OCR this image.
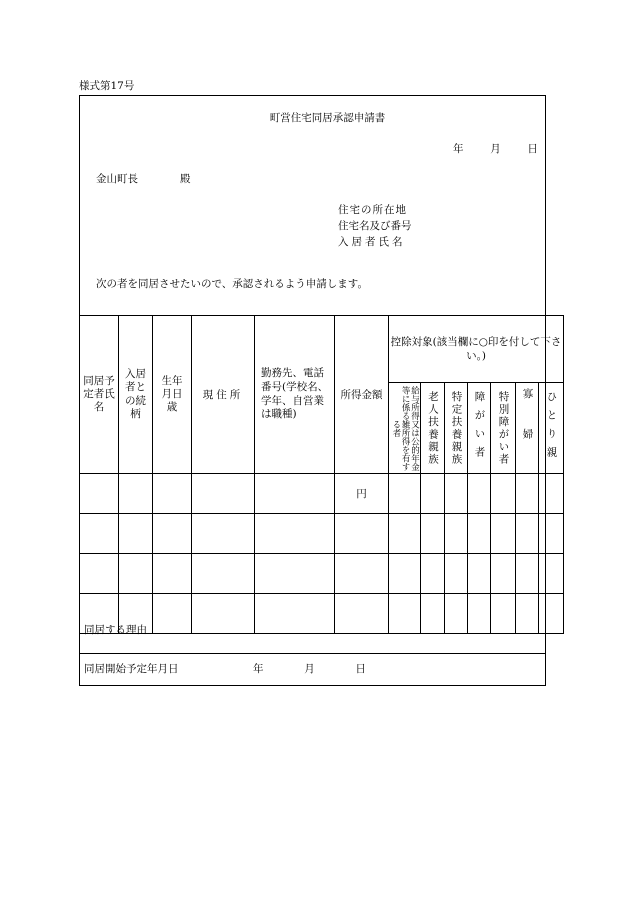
様式第17号
町営住宅同居承認申請書
年	月	日
金山町長	殿
住宅の所在地
住宅名及び番号
入居者氏名
次の者を同居させたいので、承認されるよう申請します。
同居予定者氏名	入居者との続柄	生年月日歳	現住所	勤務先、電話番号(学校名、学年、自営業は職種)	所得金額	控除対象(該当欄に○印を付して下さい。)						

						給与所得又は公的年金等に係る雑所得を有する者	老人扶養親族	特定扶養親族	障がい者	特別障がい者	寡婦	ひとり親

					円							

同居する理由
同居開始予定年月日	年	月	日
